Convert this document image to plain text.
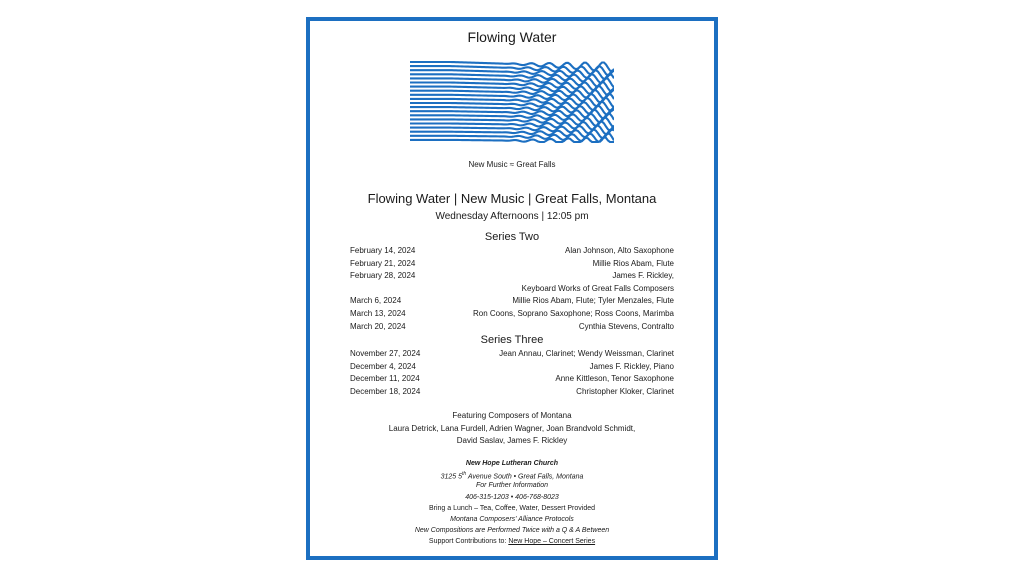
Flowing Water
New Music ≈ Great Falls
Flowing Water | New Music | Great Falls, Montana
Wednesday Afternoons | 12:05 pm
Series Two
February 14, 2024	Alan Johnson, Alto Saxophone
February 21, 2024	Millie Rios Abam, Flute
February 28, 2024	James F. Rickley,
Keyboard Works of Great Falls Composers
March 6, 2024	Millie Rios Abam, Flute; Tyler Menzales, Flute
March 13, 2024	Ron Coons, Soprano Saxophone; Ross Coons, Marimba
March 20, 2024	Cynthia Stevens, Contralto
Series Three
November 27, 2024	Jean Annau, Clarinet; Wendy Weissman, Clarinet
December 4, 2024	James F. Rickley, Piano
December 11, 2024	Anne Kittleson, Tenor Saxophone
December 18, 2024	Christopher Kloker, Clarinet
Featuring Composers of Montana
Laura Detrick, Lana Furdell, Adrien Wagner, Joan Brandvold Schmidt,
David Saslav, James F. Rickley
New Hope Lutheran Church
3125 5th Avenue South • Great Falls, Montana
For Further Information
406-315-1203 • 406-768-8023
Bring a Lunch – Tea, Coffee, Water, Dessert Provided
Montana Composers' Alliance Protocols
New Compositions are Performed Twice with a Q & A Between
Support Contributions to: New Hope – Concert Series
